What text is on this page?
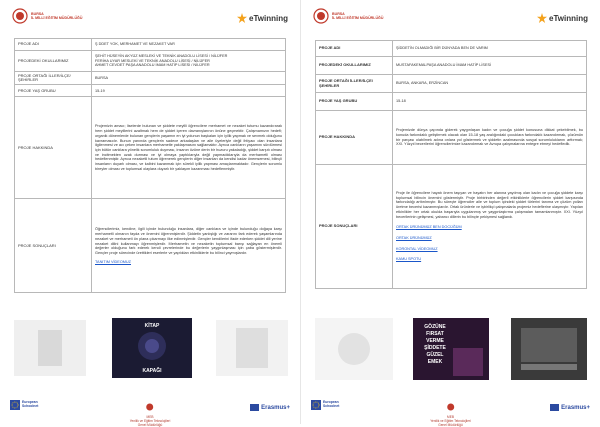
BURSA
İL MİLLİ EĞİTİM MÜDÜRLÜĞÜ	eTwinning
PROJE ADI	Ş DDET YOK, MERHAMET VE NEZAKET VAR
PROJEDEKİ OKULLARIMIZ	ŞEHİT HÜSEYİN AKYÜZ MESLEKİ VE TEKNİK ANADOLU LİSESİ / NİLÜFER
FERİHA UYAR MESLEKİ VE TEKNİK ANADOLU LİSESİ / NİLÜFER
AHMET CEVDET PAŞA ANADOLU İMAM HATİP LİSESİ / NİLÜFER

PROJE ORTAĞI İLLER/İLÇE/ŞEHİRLER	BURSA
PROJE YAŞ GRUBU	15-19
PROJE HAKKINDA	Projemizin amacı; liselerde bulunan ve şiddete meyilli öğrencilere merhamet ve nezaket tutumu kazandırarak hem şiddet meyillerini azaltmak hem de şiddet içeren davranışlarının önüne geçmektir. Çalışmamızın hedefi; organik dönemlerde bulunan gençlerin yaşamın en iyi yolunun başkaları için iyilik yapmak ve sevmek olduğunu kavramasıdır. Bunun yanında gençlerin sadece arkadaşları ve aile üyeleriyle değil ihtiyacı olan insanlara ilgilenmesi ve acı çeken insanlara merhametle yaklaşmasını sağlamaktır. Ayrıca canlıların yaşamını sürdürmesi için bütün canlılara yönelik sorumluluk duyması, insanın özüne derin bir huzuru yakaladığı, şiddet karşıtı olması ve incitmekten uzak durması ve iyi olmaya yaptıklarıyla değil yapmadıklarıyla da merhametli olması hedeflenmiştir. Ayrıca nezaketli tutum öğrenerek gençlerin diğer insanları da kendisi kadar önemsemesi, bilinçli insanların duyarlı olması, ve kalbini kazanmak için sürekli iyilik yapması amaçlanmaktadır. Gençlerin sorumlu bireyler olması ve toplumsal olaylara duyarlı bir yaklaşım kazanması hedeflenmiştir.
PROJE SONUÇLARI	Öğrencilerimiz, kendine, ilgili içinde bulunduğu insanlara, diğer canlılara ve içinde bulunduğu doğaya karşı merhametli olmanın fayda ve önemini öğrenmişlerdir. Şiddetin yanlışlığı ve zararını fark ederek yaşamlarında nezaket ve merhameti ön plana çıkarmayı ilke edinmişlerdir. Gençler kendilerini ifade ederken şiddet dili yerine nezaket dilini kullanmayı öğrenmişlerdir. Merhametin ve nezaketin toplumsal barışı sağlayan en önemli değerler olduğunu fark ederek kendi çevrelerinde bu değerlerin yaygınlaşması için çaba göstermişlerdir. Gençler proje sürecinde ürettikleri eserlerle ve yaptıkları etkinliklerle bu bilinci yaymışlardır.
TANITIM VİDEOMUZ
KİTAP
KAPAĞI
European
Schoolnet
MEB
Yenilik ve Eğitim Teknolojileri
Genel Müdürlüğü
Erasmus+
BURSA
İL MİLLİ EĞİTİM MÜDÜRLÜĞÜ	eTwinning
PROJE ADI	ŞİDDETİN OLMADIĞI BİR DÜNYADA BEN DE VARIM
PROJEDEKİ OKULLARIMIZ	MUSTAFAKEMALPAŞA ANADOLU İMAM HATİP LİSESİ
PROJE ORTAĞI İLLER/İLÇE/ŞEHİRLER	BURSA, ANKARA, ERZİNCAN
PROJE YAŞ GRUBU	15-18
PROJE HAKKINDA	Projemizde dünya çapında giderek yaygınlaşan kadın ve çocuğa şiddet konusuna dikkat çekebilmek, bu konuda farkındalık geliştirmek olacak olan 15-18 yaş aralığındaki çocuklara farkındalık kazandırmak, çözümün bir parçası olabilmek adına onlara yol göstermek ve şiddetin azalmasında sosyal sorumluluklarını arttırmak; XXI. Yüzyıl becerilerini öğrencilerimize kazandırmak ve Avrupa çalışmalarına entegre etmeyi hedefledik.
PROJE SONUÇLARI	Proje ile öğrencilere hayatı önem taşıyan ve hayatın her alanına yayılmış olan kadın ve çocuğa şiddete karşı toplumsal bilincin önemini göstermiştir. Proje birbirinden değerli etkinliklerle öğrencilerin şiddet karşısında farkındalığı arttırılmıştır. Bu süreçte öğrenciler aile ve toplum içindeki şiddet türlerini tanıma ve çözüm yolları üretme becerisi kazanmışlardır. Ortak ürünlerle ve işbirlikçi çalışmalarla projemiz hedeflerine ulaşmıştır. Yapılan etkinlikler her ortak okulda başarıyla uygulanmış ve yaygınlaştırma çalışmaları tamamlanmıştır. XXI. Yüzyıl becerilerinin gelişmesi, yabancı dillerin bu bilinçte pekişmesi sağlandı.
ORTAK ÜRÜNÜMÜZ BEN DOCÜĞÜM
ORTAK ÜRÜNÜMÜZ
KORONTAL VİDEOMUZ
KAMU SPOTU
GÖZÜNE
FIRSAT
VERME
ŞİDDETE
GÜZEL
EMEK
European
Schoolnet
MEB
Yenilik ve Eğitim Teknolojileri
Genel Müdürlüğü
Erasmus+
